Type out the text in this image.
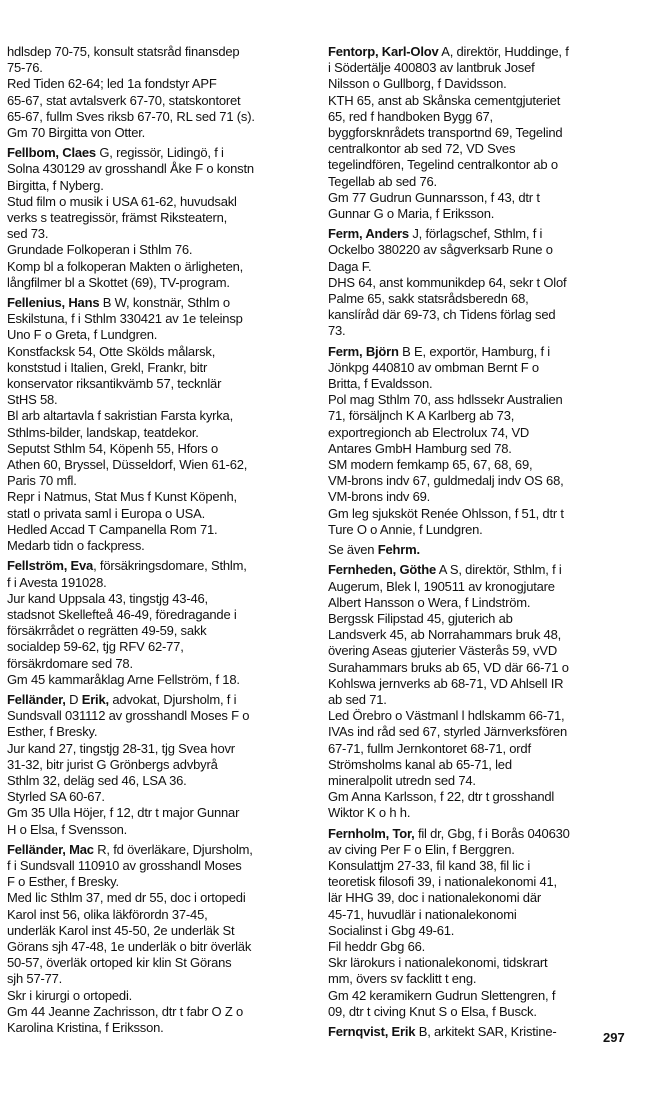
hdlsdep 70-75, konsult statsråd finansdep
75-76.
Red Tiden 62-64; led 1a fondstyr APF
65-67, stat avtalsverk 67-70, statskontoret
65-67, fullm Sves riksb 67-70, RL sed 71 (s).
Gm 70 Birgitta von Otter.
Fellbom, Claes G, regissör, Lidingö, f i
Solna 430129 av grosshandl Åke F o konstn
Birgitta, f Nyberg.
Stud film o musik i USA 61-62, huvudsakl
verks s teatregissör, främst Riksteatern,
sed 73.
Grundade Folkoperan i Sthlm 76.
Komp bl a folkoperan Makten o ärligheten,
långfilmer bl a Skottet (69), TV-program.
Fellenius, Hans B W, konstnär, Sthlm o
Eskilstuna, f i Sthlm 330421 av 1e teleinsp
Uno F o Greta, f Lundgren.
Konstfacksk 54, Otte Skölds målarsk,
konststud i Italien, Grekl, Frankr, bitr
konservator riksantikvämb 57, tecknlär
StHS 58.
Bl arb altartavla f sakristian Farsta kyrka,
Sthlms-bilder, landskap, teatdekor.
Seputst Sthlm 54, Köpenh 55, Hfors o
Athen 60, Bryssel, Düsseldorf, Wien 61-62,
Paris 70 mfl.
Repr i Natmus, Stat Mus f Kunst Köpenh,
statl o privata saml i Europa o USA.
Hedled Accad T Campanella Rom 71.
Medarb tidn o fackpress.
Fellström, Eva, försäkringsdomare, Sthlm,
f i Avesta 191028.
Jur kand Uppsala 43, tingstjg 43-46,
stadsnot Skellefteå 46-49, föredragande i
försäkrrådet o regrätten 49-59, sakk
socialdep 59-62, tjg RFV 62-77,
försäkrdomare sed 78.
Gm 45 kammaråklag Arne Fellström, f 18.
Felländer, D Erik, advokat, Djursholm, f i
Sundsvall 031112 av grosshandl Moses F o
Esther, f Bresky.
Jur kand 27, tingstjg 28-31, tjg Svea hovr
31-32, bitr jurist G Grönbergs advbyrå
Sthlm 32, deläg sed 46, LSA 36.
Styrled SA 60-67.
Gm 35 Ulla Höjer, f 12, dtr t major Gunnar
H o Elsa, f Svensson.
Felländer, Mac R, fd överläkare, Djursholm,
f i Sundsvall 110910 av grosshandl Moses
F o Esther, f Bresky.
Med lic Sthlm 37, med dr 55, doc i ortopedi
Karol inst 56, olika läkförordn 37-45,
underläk Karol inst 45-50, 2e underläk St
Görans sjh 47-48, 1e underläk o bitr överläk
50-57, överläk ortoped kir klin St Görans
sjh 57-77.
Skr i kirurgi o ortopedi.
Gm 44 Jeanne Zachrisson, dtr t fabr O Z o
Karolina Kristina, f Eriksson.
Fentorp, Karl-Olov A, direktör, Huddinge, f
i Södertälje 400803 av lantbruk Josef
Nilsson o Gullborg, f Davidsson.
KTH 65, anst ab Skånska cementgjuteriet
65, red f handboken Bygg 67,
byggforsknrådets transportnd 69, Tegelind
centralkontor ab sed 72, VD Sves
tegelindfören, Tegelind centralkontor ab o
Tegellab ab sed 76.
Gm 77 Gudrun Gunnarsson, f 43, dtr t
Gunnar G o Maria, f Eriksson.
Ferm, Anders J, förlagschef, Sthlm, f i
Ockelbo 380220 av sågverksarb Rune o
Daga F.
DHS 64, anst kommunikdep 64, sekr t Olof
Palme 65, sakk statsrådsberedn 68,
kanslíråd där 69-73, ch Tidens förlag sed
73.
Ferm, Björn B E, exportör, Hamburg, f i
Jönkpg 440810 av ombman Bernt F o
Britta, f Evaldsson.
Pol mag Sthlm 70, ass hdlssekr Australien
71, försäljnch K A Karlberg ab 73,
exportregionch ab Electrolux 74, VD
Antares GmbH Hamburg sed 78.
SM modern femkamp 65, 67, 68, 69,
VM-brons indv 67, guldmedalj indv OS 68,
VM-brons indv 69.
Gm leg sjuksköt Renée Ohlsson, f 51, dtr t
Ture O o Annie, f Lundgren.
Se även Fehrm.
Fernheden, Göthe A S, direktör, Sthlm, f i
Augerum, Blek l, 190511 av kronogjutare
Albert Hansson o Wera, f Lindström.
Bergssk Filipstad 45, gjuterich ab
Landsverk 45, ab Norrahammars bruk 48,
övering Aseas gjuterier Västerås 59, vVD
Surahammars bruks ab 65, VD där 66-71 o
Kohlswa jernverks ab 68-71, VD Ahlsell IR
ab sed 71.
Led Örebro o Västmanl l hdlskamm 66-71,
IVAs ind råd sed 67, styrled Järnverksfören
67-71, fullm Jernkontoret 68-71, ordf
Strömsholms kanal ab 65-71, led
mineralpolit utredn sed 74.
Gm Anna Karlsson, f 22, dtr t grosshandl
Wiktor K o h h.
Fernholm, Tor, fil dr, Gbg, f i Borås 040630
av civing Per F o Elin, f Berggren.
Konsulattjm 27-33, fil kand 38, fil lic i
teoretisk filosofi 39, i nationalekonomi 41,
lär HHG 39, doc i nationalekonomi där
45-71, huvudlär i nationalekonomi
Socialinst i Gbg 49-61.
Fil heddr Gbg 66.
Skr lärokurs i nationalekonomi, tidskrart
mm, övers sv facklitt t eng.
Gm 42 keramikern Gudrun Slettengren, f
09, dtr t civing Knut S o Elsa, f Busck.
Fernqvist, Erik B, arkitekt SAR, Kristine-	297
